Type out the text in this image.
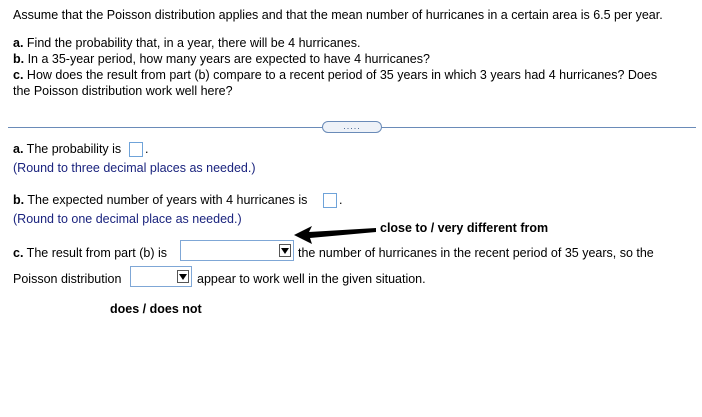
Assume that the Poisson distribution applies and that the mean number of hurricanes in a certain area is 6.5 per year.
a. Find the probability that, in a year, there will be 4 hurricanes.
b. In a 35-year period, how many years are expected to have 4 hurricanes?
c. How does the result from part (b) compare to a recent period of 35 years in which 3 years had 4 hurricanes? Does
the Poisson distribution work well here?
.....
a. The probability is .
(Round to three decimal places as needed.)
b. The expected number of years with 4 hurricanes is	.
(Round to one decimal place as needed.)
close to / very different from
c. The result from part (b) is	the number of hurricanes in the recent period of 35 years, so the
Poisson distribution	appear to work well in the given situation.
does / does not
